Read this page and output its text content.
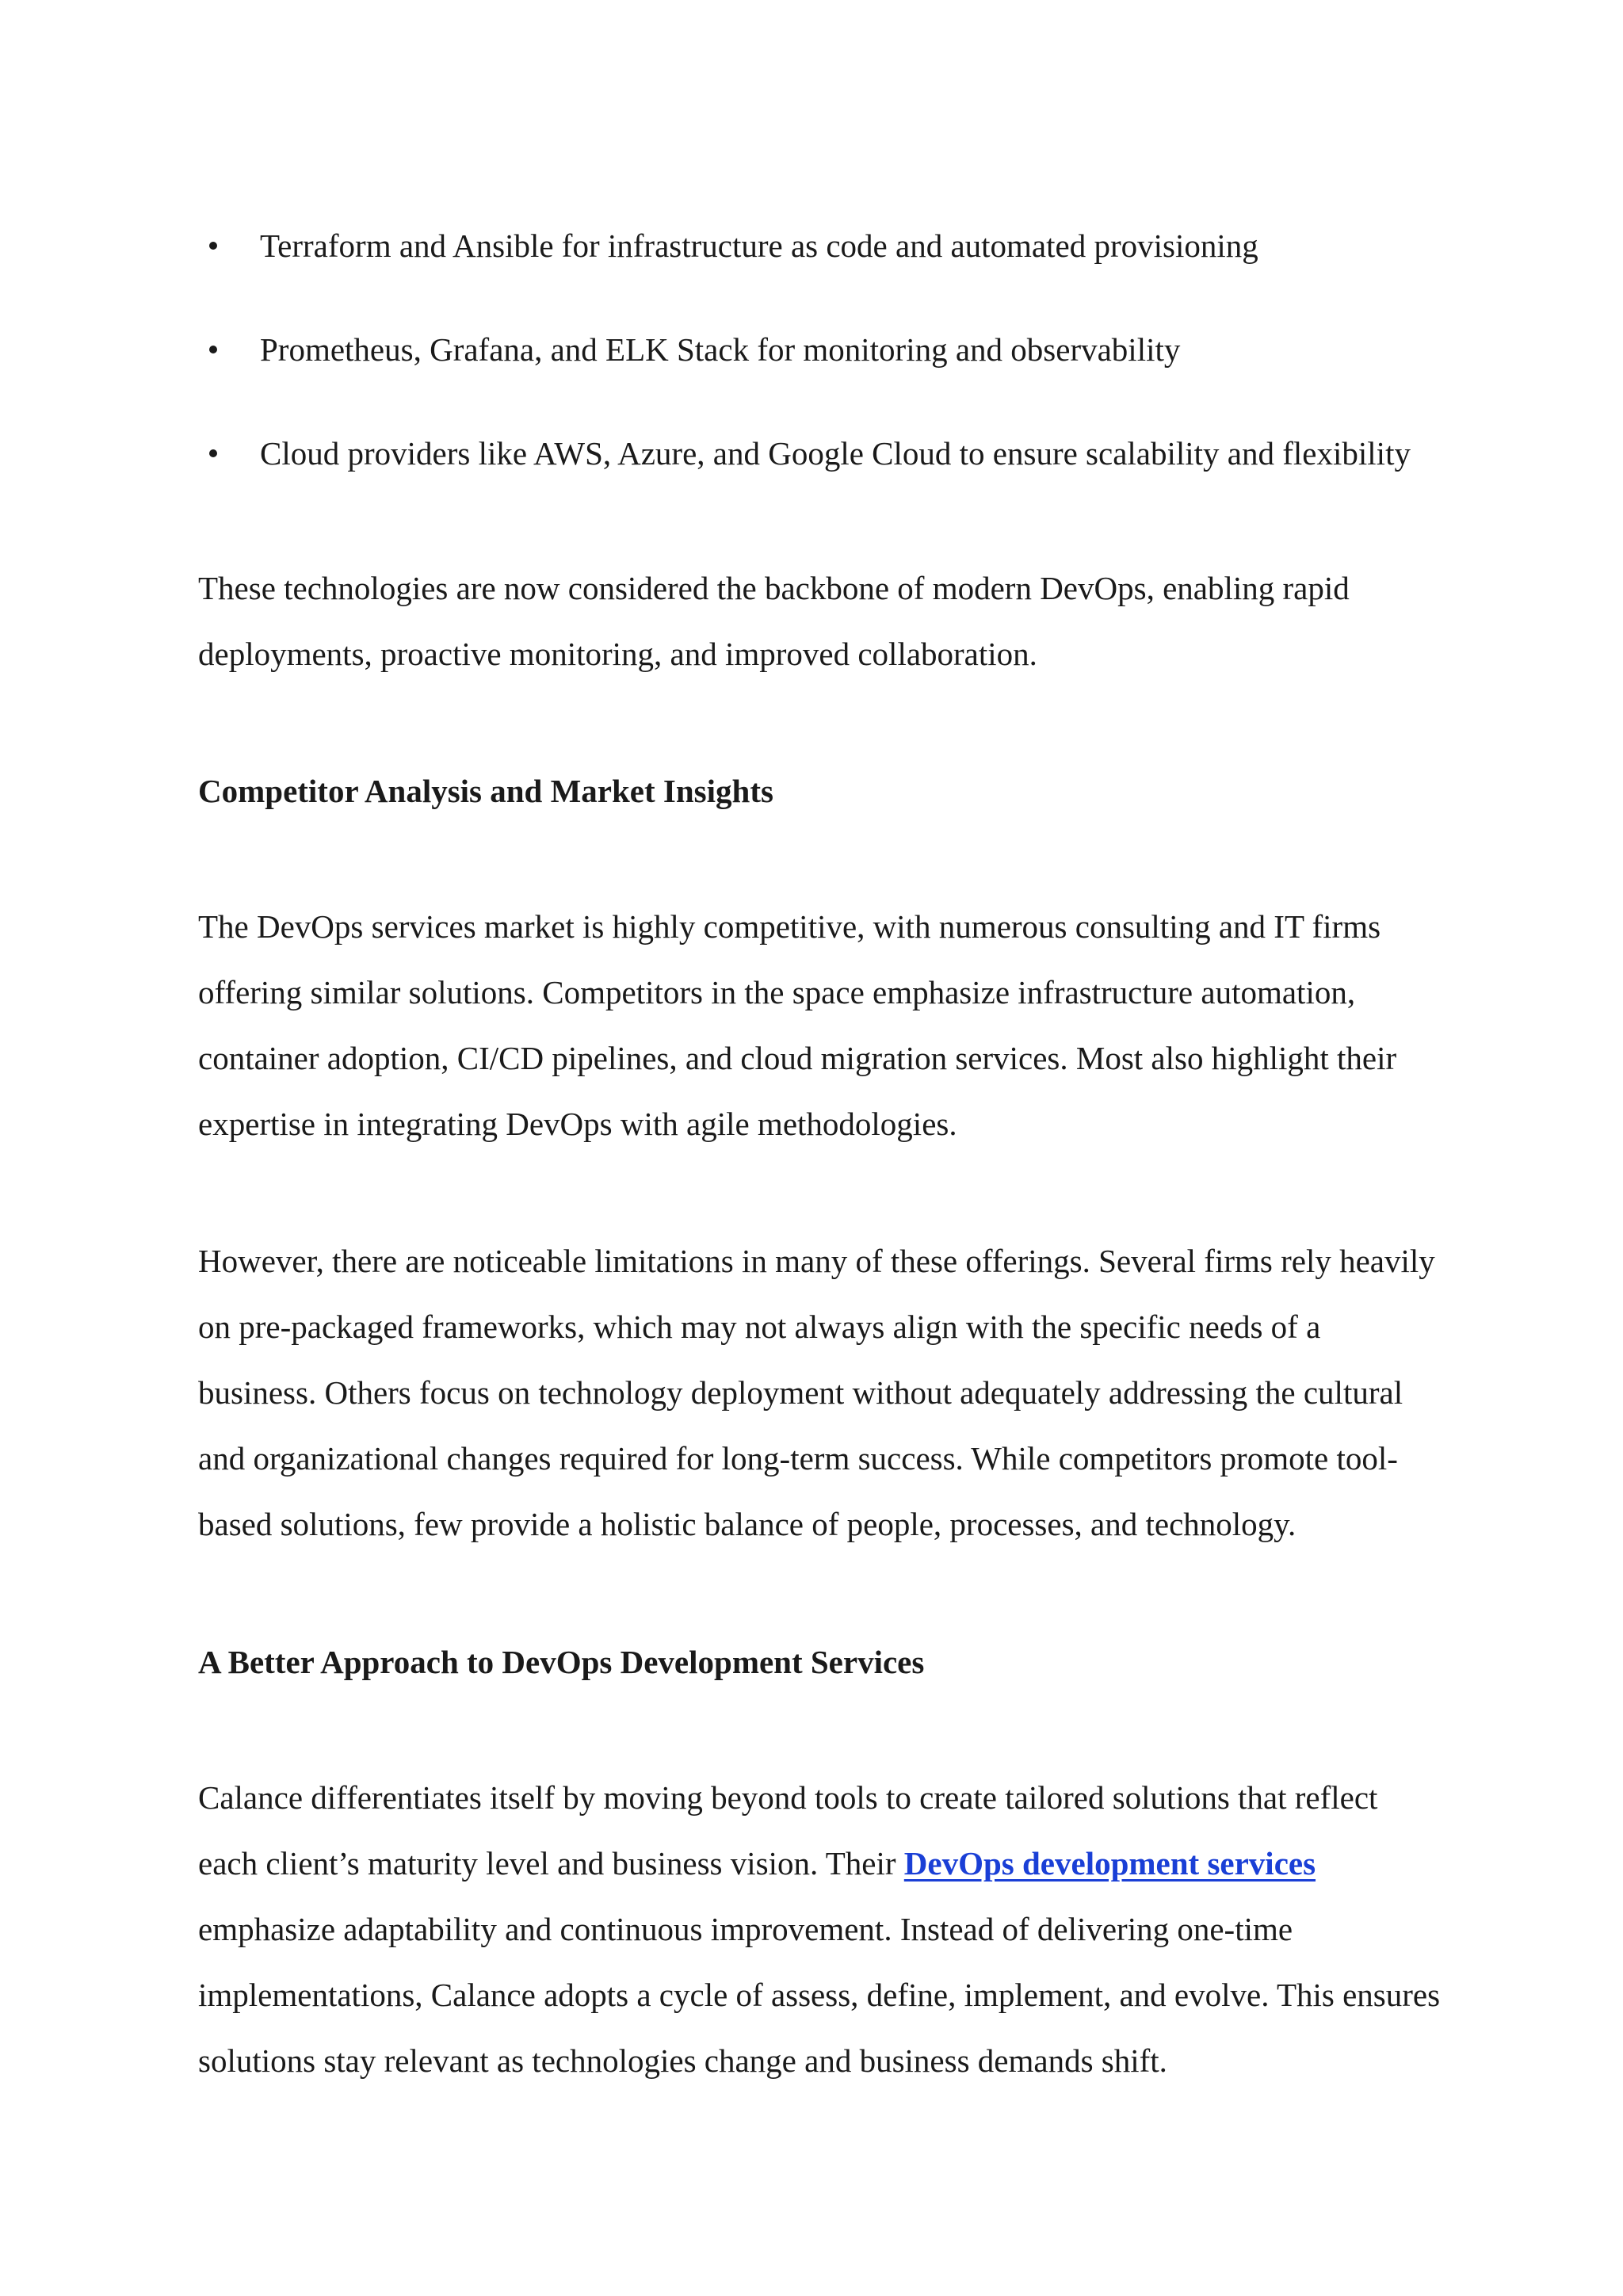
Terraform and Ansible for infrastructure as code and automated provisioning
Prometheus, Grafana, and ELK Stack for monitoring and observability
Cloud providers like AWS, Azure, and Google Cloud to ensure scalability and flexibility

These technologies are now considered the backbone of modern DevOps, enabling rapid deployments, proactive monitoring, and improved collaboration.

Competitor Analysis and Market Insights

The DevOps services market is highly competitive, with numerous consulting and IT firms offering similar solutions. Competitors in the space emphasize infrastructure automation, container adoption, CI/CD pipelines, and cloud migration services. Most also highlight their expertise in integrating DevOps with agile methodologies.

However, there are noticeable limitations in many of these offerings. Several firms rely heavily on pre-packaged frameworks, which may not always align with the specific needs of a business. Others focus on technology deployment without adequately addressing the cultural and organizational changes required for long-term success. While competitors promote tool-based solutions, few provide a holistic balance of people, processes, and technology.

A Better Approach to DevOps Development Services

Calance differentiates itself by moving beyond tools to create tailored solutions that reflect each client’s maturity level and business vision. Their DevOps development services emphasize adaptability and continuous improvement. Instead of delivering one-time implementations, Calance adopts a cycle of assess, define, implement, and evolve. This ensures solutions stay relevant as technologies change and business demands shift.
